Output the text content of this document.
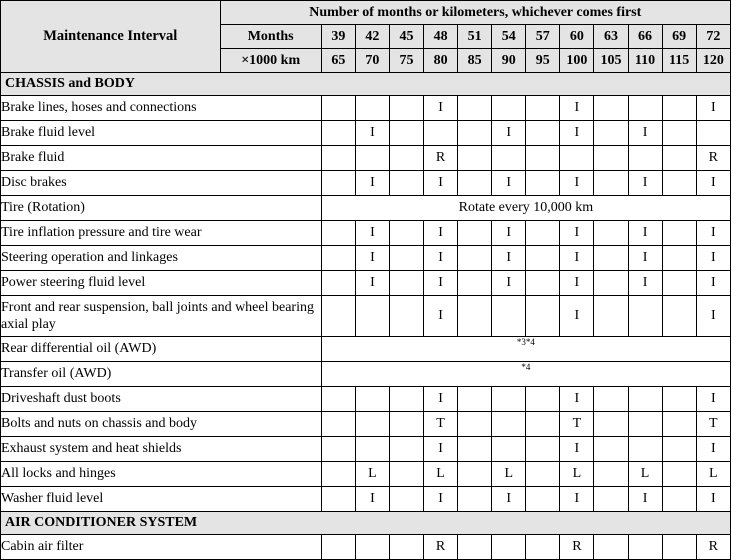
Maintenance Interval	Number of months or kilometers, whichever comes first												
	Months	39	42	45	48	51	54	57	60	63	66	69	72
	×1000 km	65	70	75	80	85	90	95	100	105	110	115	120
CHASSIS and BODY													
Brake lines, hoses and connections					I				I				I
Brake fluid level			I				I		I		I		
Brake fluid					R								R
Disc brakes			I		I		I		I		I		I
Tire (Rotation)		Rotate every 10,000 km											
Tire inflation pressure and tire wear			I		I		I		I		I		I
Steering operation and linkages			I		I		I		I		I		I
Power steering fluid level			I		I		I		I		I		I
Front and rear suspension, ball joints and wheel bearing axial play					I				I				I
Rear differential oil (AWD)		*3*4											
Transfer oil (AWD)		*4											
Driveshaft dust boots					I				I				I
Bolts and nuts on chassis and body					T				T				T
Exhaust system and heat shields					I				I				I
All locks and hinges			L		L		L		L		L		L
Washer fluid level			I		I		I		I		I		I
AIR CONDITIONER SYSTEM													
Cabin air filter					R				R				R
